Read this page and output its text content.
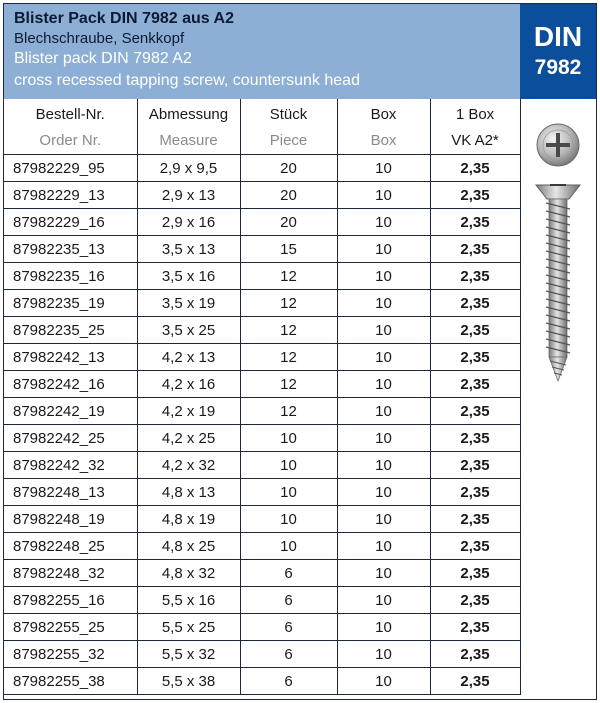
Blister Pack DIN 7982 aus A2
Blechschraube, Senkkopf
Blister pack DIN 7982 A2
cross recessed tapping screw, countersunk head
DIN
7982
Bestell-Nr.	Abmessung	Stück	Box	1 Box
Order Nr.	Measure	Piece	Box	VK A2*
87982229_95	2,9 x 9,5	20	10	2,35
87982229_13	2,9 x 13	20	10	2,35
87982229_16	2,9 x 16	20	10	2,35
87982235_13	3,5 x 13	15	10	2,35
87982235_16	3,5 x 16	12	10	2,35
87982235_19	3,5 x 19	12	10	2,35
87982235_25	3,5 x 25	12	10	2,35
87982242_13	4,2 x 13	12	10	2,35
87982242_16	4,2 x 16	12	10	2,35
87982242_19	4,2 x 19	12	10	2,35
87982242_25	4,2 x 25	10	10	2,35
87982242_32	4,2 x 32	10	10	2,35
87982248_13	4,8 x 13	10	10	2,35
87982248_19	4,8 x 19	10	10	2,35
87982248_25	4,8 x 25	10	10	2,35
87982248_32	4,8 x 32	6	10	2,35
87982255_16	5,5 x 16	6	10	2,35
87982255_25	5,5 x 25	6	10	2,35
87982255_32	5,5 x 32	6	10	2,35
87982255_38	5,5 x 38	6	10	2,35
